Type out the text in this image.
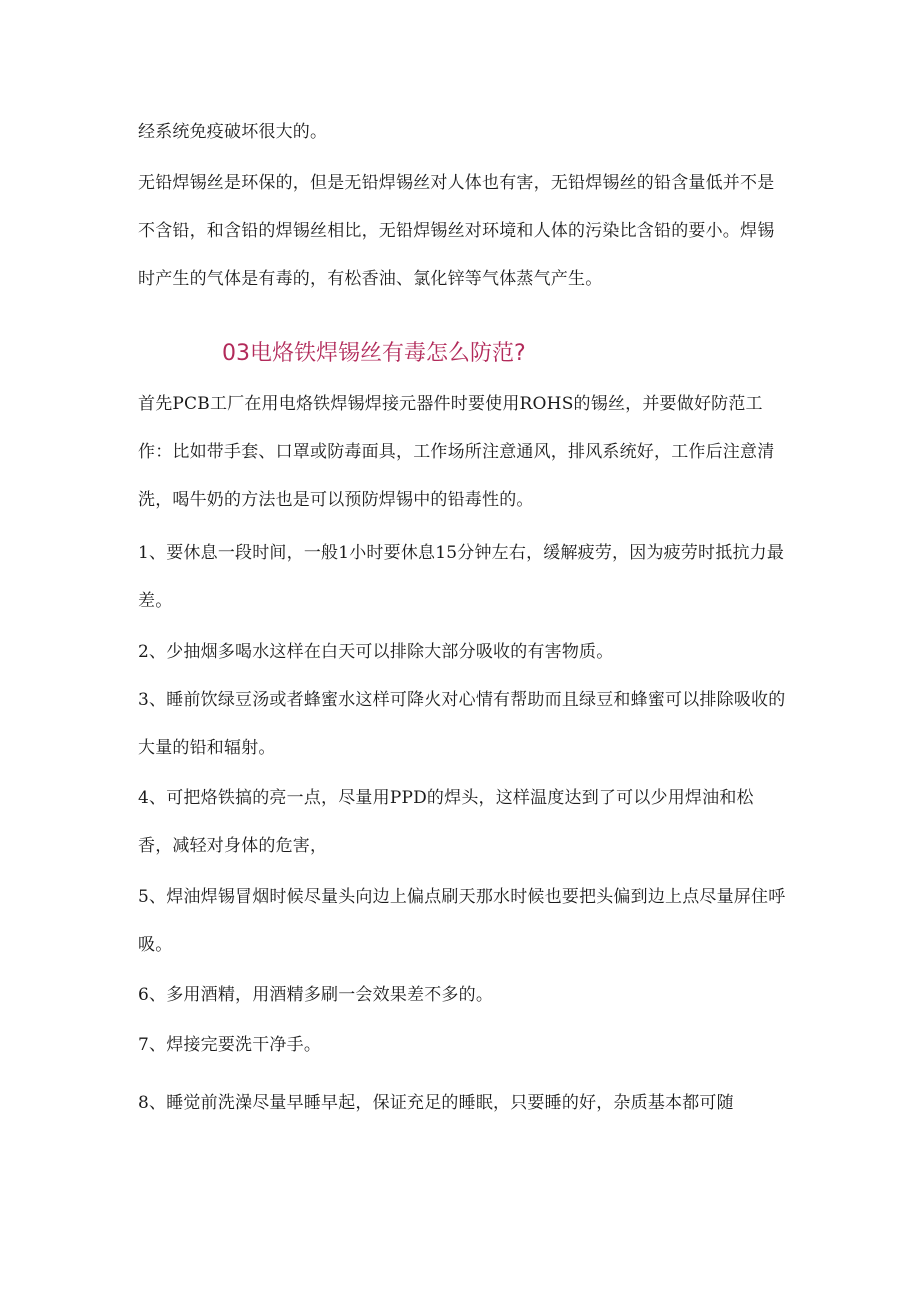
经系统免疫破坏很大的。

无铅焊锡丝是环保的，但是无铅焊锡丝对人体也有害，无铅焊锡丝的铅含量低并不是不含铅，和含铅的焊锡丝相比，无铅焊锡丝对环境和人体的污染比含铅的要小。焊锡时产生的气体是有毒的，有松香油、氯化锌等气体蒸气产生。

03电烙铁焊锡丝有毒怎么防范?

首先PCB工厂在用电烙铁焊锡焊接元器件时要使用ROHS的锡丝，并要做好防范工作：比如带手套、口罩或防毒面具，工作场所注意通风，排风系统好，工作后注意清洗，喝牛奶的方法也是可以预防焊锡中的铅毒性的。

1、要休息一段时间，一般1小时要休息15分钟左右，缓解疲劳，因为疲劳时抵抗力最差。

2、少抽烟多喝水这样在白天可以排除大部分吸收的有害物质。

3、睡前饮绿豆汤或者蜂蜜水这样可降火对心情有帮助而且绿豆和蜂蜜可以排除吸收的大量的铅和辐射。

4、可把烙铁搞的亮一点，尽量用PPD的焊头，这样温度达到了可以少用焊油和松香，减轻对身体的危害，

5、焊油焊锡冒烟时候尽量头向边上偏点刷天那水时候也要把头偏到边上点尽量屏住呼吸。

6、多用酒精，用酒精多刷一会效果差不多的。

7、焊接完要洗干净手。

8、睡觉前洗澡尽量早睡早起，保证充足的睡眠，只要睡的好，杂质基本都可随
